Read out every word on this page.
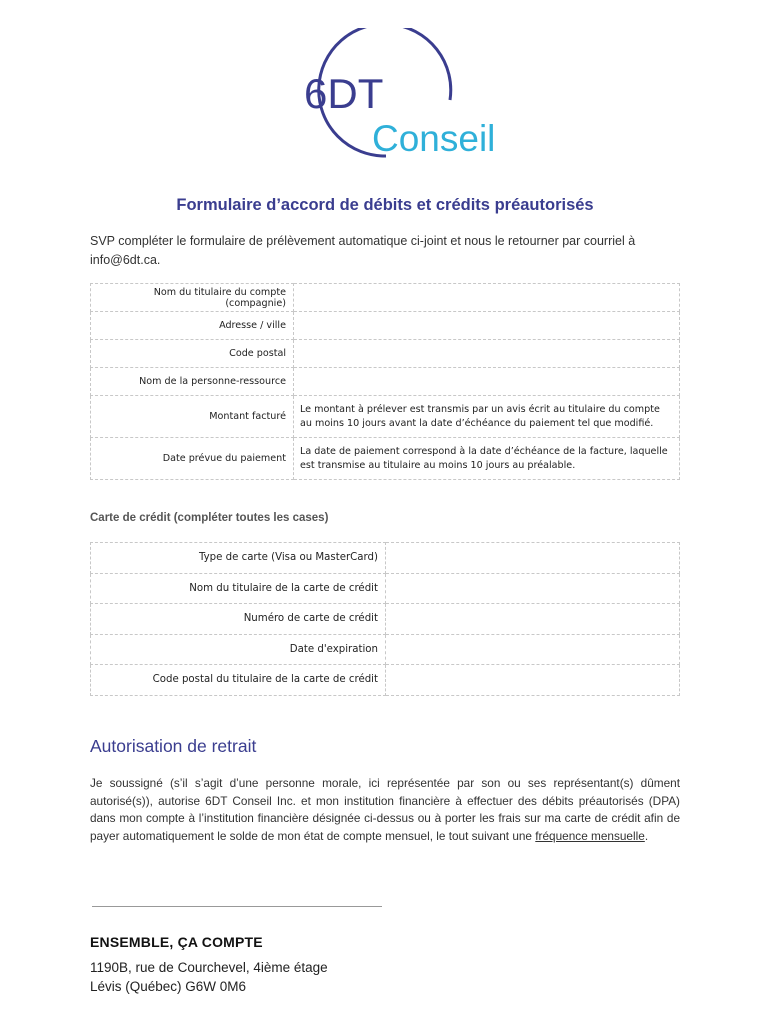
6DT
Conseil
Formulaire d’accord de débits et crédits préautorisés
SVP compléter le formulaire de prélèvement automatique ci-joint et nous le retourner par courriel à info@6dt.ca.
Nom du titulaire du compte (compagnie)	
Adresse / ville	
Code postal	
Nom de la personne-ressource	
Montant facturé	Le montant à prélever est transmis par un avis écrit au titulaire du compte au moins 10 jours avant la date d’échéance du paiement tel que modifié.
Date prévue du paiement	La date de paiement correspond à la date d’échéance de la facture, laquelle est transmise au titulaire au moins 10 jours au préalable.
Carte de crédit (compléter toutes les cases)
Type de carte (Visa ou MasterCard)	
Nom du titulaire de la carte de crédit	
Numéro de carte de crédit	
Date d'expiration	
Code postal du titulaire de la carte de crédit	
Autorisation de retrait
Je soussigné (s’il s’agit d’une personne morale, ici représentée par son ou ses représentant(s) dûment autorisé(s)), autorise 6DT Conseil Inc. et mon institution financière à effectuer des débits préautorisés (DPA) dans mon compte à l’institution financière désignée ci-dessus ou à porter les frais sur ma carte de crédit afin de payer automatiquement le solde de mon état de compte mensuel, le tout suivant une fréquence mensuelle.
ENSEMBLE, ÇA COMPTE
1190B, rue de Courchevel, 4ième étage
Lévis (Québec) G6W 0M6
